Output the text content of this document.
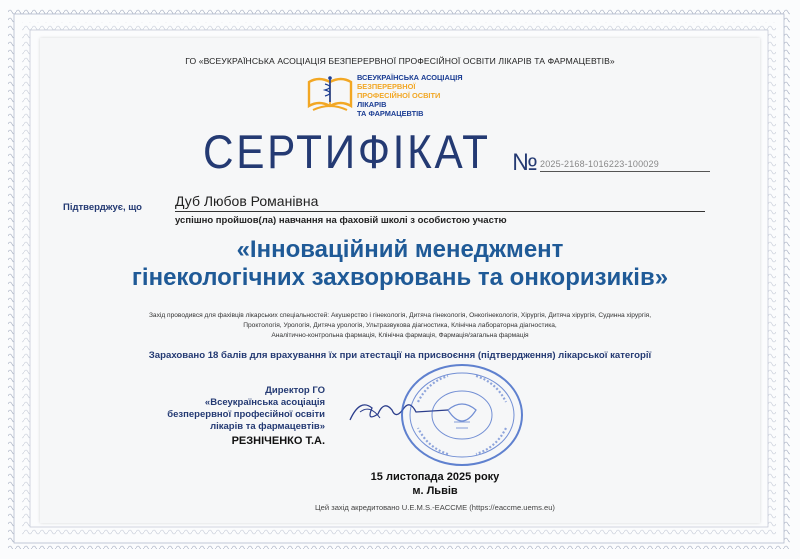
ГО «ВСЕУКРАЇНСЬКА АСОЦІАЦІЯ БЕЗПЕРЕРВНОЇ ПРОФЕСІЙНОЇ ОСВІТИ ЛІКАРІВ ТА ФАРМАЦЕВТІВ»
ВСЕУКРАЇНСЬКА АСОЦІАЦІЯ
БЕЗПЕРЕРВНОЇ
ПРОФЕСІЙНОЇ ОСВІТИ
ЛІКАРІВ
ТА ФАРМАЦЕВТІВ
СЕРТИФІКАТ № 2025-2168-1016223-100029
Підтверджує, що Дуб Любов Романівна
успішно пройшов(ла) навчання на фаховій школі з особистою участю
«Інноваційний менеджмент
гінекологічних захворювань та онкоризиків»
Захід проводився для фахівців лікарських спеціальностей: Акушерство і гінекологія, Дитяча гінекологія, Онкогінекологія, Хірургія, Дитяча хірургія, Судинна хірургія,
Проктологія, Урологія, Дитяча урологія, Ультразвукова діагностика, Клінічна лабораторна діагностика,
Аналітично-контрольна фармація, Клінічна фармація, Фармація/загальна фармація
Зараховано 18 балів для врахування їх при атестації на присвоєння (підтвердження) лікарської категорії
Директор ГО
«Всеукраїнська асоціація
безперервної професійної освіти
лікарів та фармацевтів»
РЕЗНІЧЕНКО Т.А.
15 листопада 2025 року
м. Львів
Цей захід акредитовано U.E.M.S.-EACCME (https://eaccme.uems.eu)
